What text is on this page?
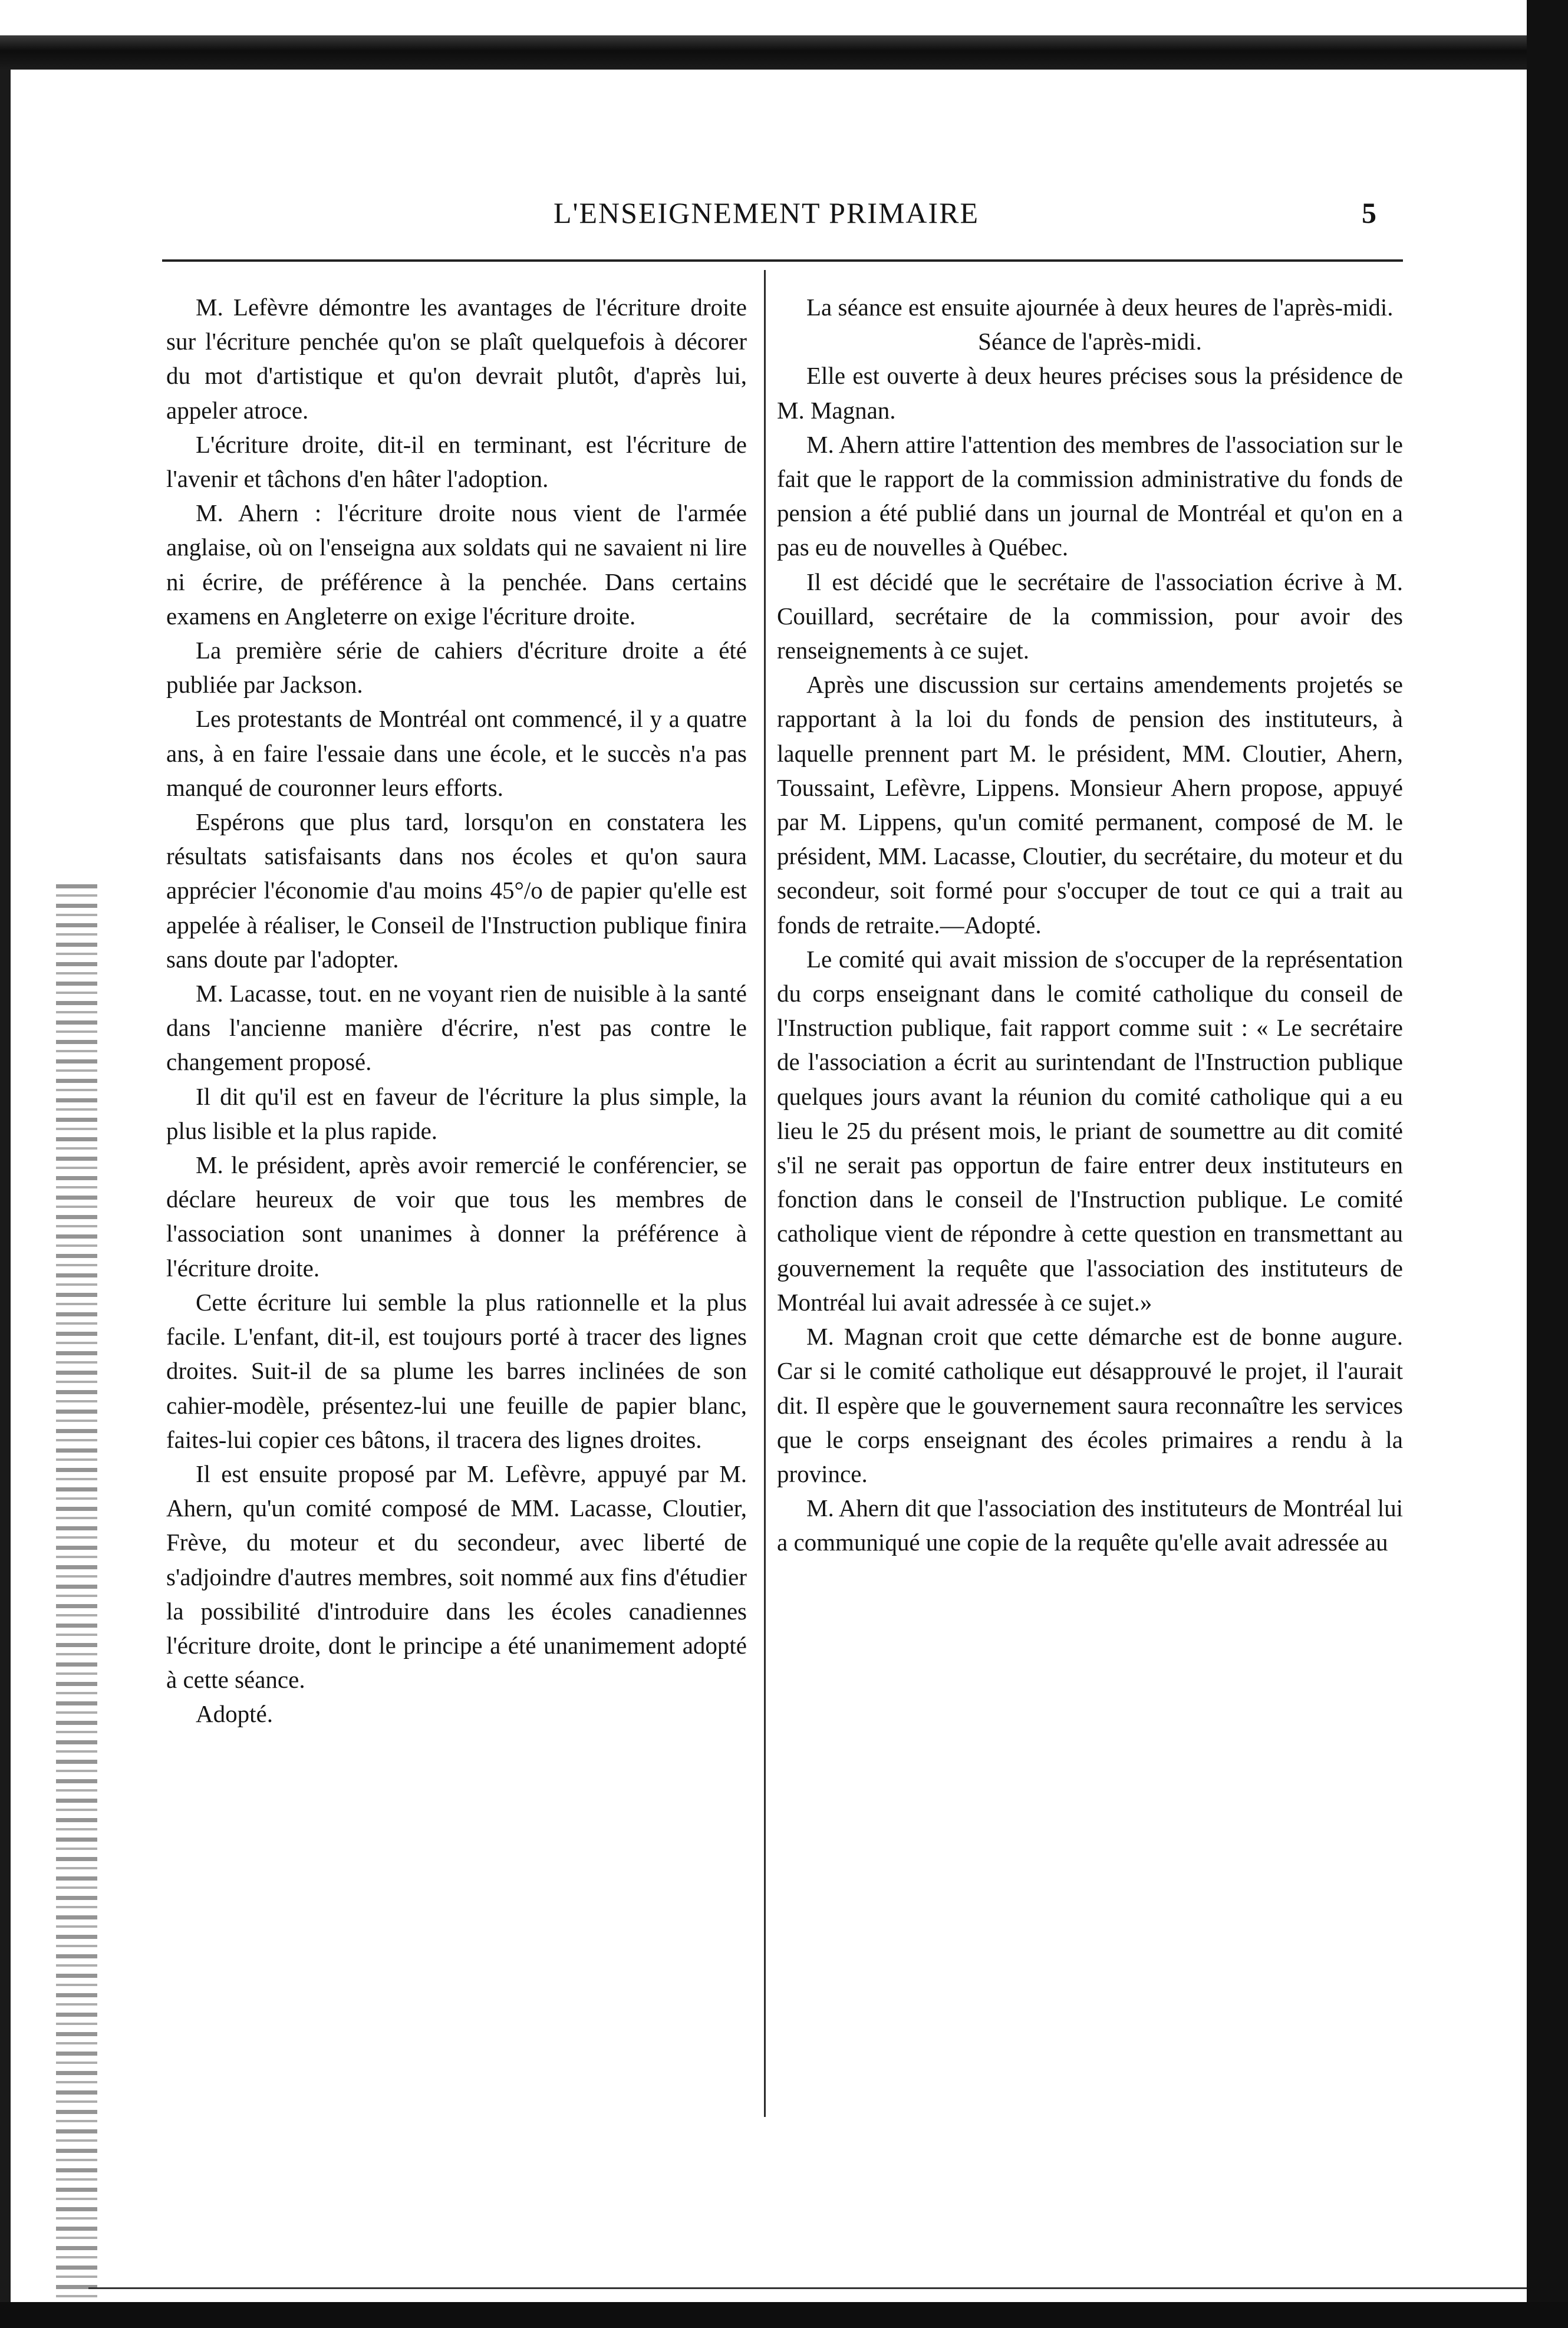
L'ENSEIGNEMENT PRIMAIRE	5

M. Lefèvre démontre les avantages de l'écriture droite sur l'écriture penchée qu'on se plaît quelquefois à décorer du mot d'artistique et qu'on devrait plutôt, d'après lui, appeler atroce.

L'écriture droite, dit-il en terminant, est l'écriture de l'avenir et tâchons d'en hâter l'adoption.

M. Ahern : l'écriture droite nous vient de l'armée anglaise, où on l'enseigna aux soldats qui ne savaient ni lire ni écrire, de préférence à la penchée. Dans certains examens en Angleterre on exige l'écriture droite.

La première série de cahiers d'écriture droite a été publiée par Jackson.

Les protestants de Montréal ont commencé, il y a quatre ans, à en faire l'essaie dans une école, et le succès n'a pas manqué de couronner leurs efforts.

Espérons que plus tard, lorsqu'on en constatera les résultats satisfaisants dans nos écoles et qu'on saura apprécier l'économie d'au moins 45°/o de papier qu'elle est appelée à réaliser, le Conseil de l'Instruction publique finira sans doute par l'adopter.

M. Lacasse, tout. en ne voyant rien de nuisible à la santé dans l'ancienne manière d'écrire, n'est pas contre le changement proposé.

Il dit qu'il est en faveur de l'écriture la plus simple, la plus lisible et la plus rapide.

M. le président, après avoir remercié le conférencier, se déclare heureux de voir que tous les membres de l'association sont unanimes à donner la préférence à l'écriture droite.

Cette écriture lui semble la plus rationnelle et la plus facile. L'enfant, dit-il, est toujours porté à tracer des lignes droites. Suit-il de sa plume les barres inclinées de son cahier-modèle, présentez-lui une feuille de papier blanc, faites-lui copier ces bâtons, il tracera des lignes droites.

Il est ensuite proposé par M. Lefèvre, appuyé par M. Ahern, qu'un comité composé de MM. Lacasse, Cloutier, Frève, du moteur et du secondeur, avec liberté de s'adjoindre d'autres membres, soit nommé aux fins d'étudier la possibilité d'introduire dans les écoles canadiennes l'écriture droite, dont le principe a été unanimement adopté à cette séance.

Adopté.

La séance est ensuite ajournée à deux heures de l'après-midi.

Séance de l'après-midi.

Elle est ouverte à deux heures précises sous la présidence de M. Magnan.

M. Ahern attire l'attention des membres de l'association sur le fait que le rapport de la commission administrative du fonds de pension a été publié dans un journal de Montréal et qu'on en a pas eu de nouvelles à Québec.

Il est décidé que le secrétaire de l'association écrive à M. Couillard, secrétaire de la commission, pour avoir des renseignements à ce sujet.

Après une discussion sur certains amendements projetés se rapportant à la loi du fonds de pension des instituteurs, à laquelle prennent part M. le président, MM. Cloutier, Ahern, Toussaint, Lefèvre, Lippens. Monsieur Ahern propose, appuyé par M. Lippens, qu'un comité permanent, composé de M. le président, MM. Lacasse, Cloutier, du secrétaire, du moteur et du secondeur, soit formé pour s'occuper de tout ce qui a trait au fonds de retraite.—Adopté.

Le comité qui avait mission de s'occuper de la représentation du corps enseignant dans le comité catholique du conseil de l'Instruction publique, fait rapport comme suit : « Le secrétaire de l'association a écrit au surintendant de l'Instruction publique quelques jours avant la réunion du comité catholique qui a eu lieu le 25 du présent mois, le priant de soumettre au dit comité s'il ne serait pas opportun de faire entrer deux instituteurs en fonction dans le conseil de l'Instruction publique. Le comité catholique vient de répondre à cette question en transmettant au gouvernement la requête que l'association des instituteurs de Montréal lui avait adressée à ce sujet.»

M. Magnan croit que cette démarche est de bonne augure. Car si le comité catholique eut désapprouvé le projet, il l'aurait dit. Il espère que le gouvernement saura reconnaître les services que le corps enseignant des écoles primaires a rendu à la province.

M. Ahern dit que l'association des instituteurs de Montréal lui a communiqué une copie de la requête qu'elle avait adressée au
